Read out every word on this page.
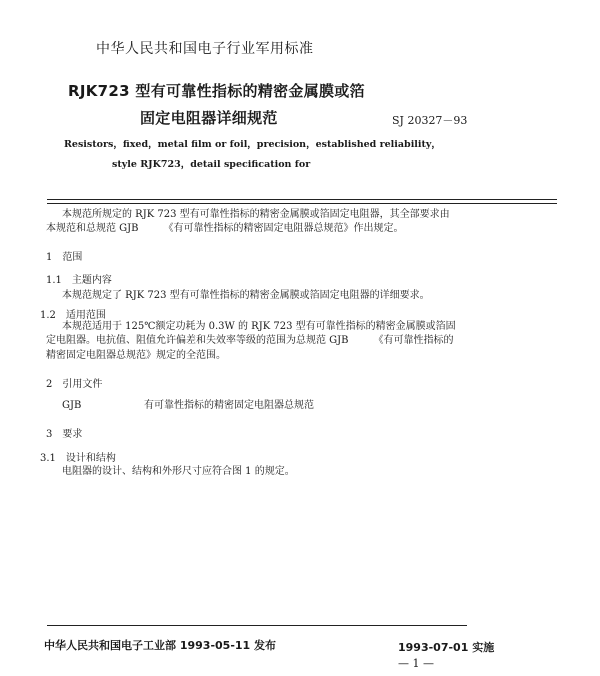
中华人民共和国电子行业军用标准
RJK723 型有可靠性指标的精密金属膜或箔
固定电阻器详细规范	SJ 20327－93
Resistors，fixed，metal film or foil，precision，established reliability，
style RJK723，detail specification for
本规范所规定的 RJK 723 型有可靠性指标的精密金属膜或箔固定电阻器，其全部要求由
本规范和总规范 GJB　　　《有可靠性指标的精密固定电阻器总规范》作出规定。
1　范围
1.1　主题内容
本规范规定了 RJK 723 型有可靠性指标的精密金属膜或箔固定电阻器的详细要求。
1.2　适用范围
本规范适用于 125℃额定功耗为 0.3W 的 RJK 723 型有可靠性指标的精密金属膜或箔固
定电阻器。电抗值、阻值允许偏差和失效率等级的范围为总规范 GJB　　　《有可靠性指标的
精密固定电阻器总规范》规定的全范围。
2　引用文件
GJB	有可靠性指标的精密固定电阻器总规范
3　要求
3.1　设计和结构
电阻器的设计、结构和外形尺寸应符合图 1 的规定。
中华人民共和国电子工业部 1993-05-11 发布	1993-07-01 实施
— 1 —
